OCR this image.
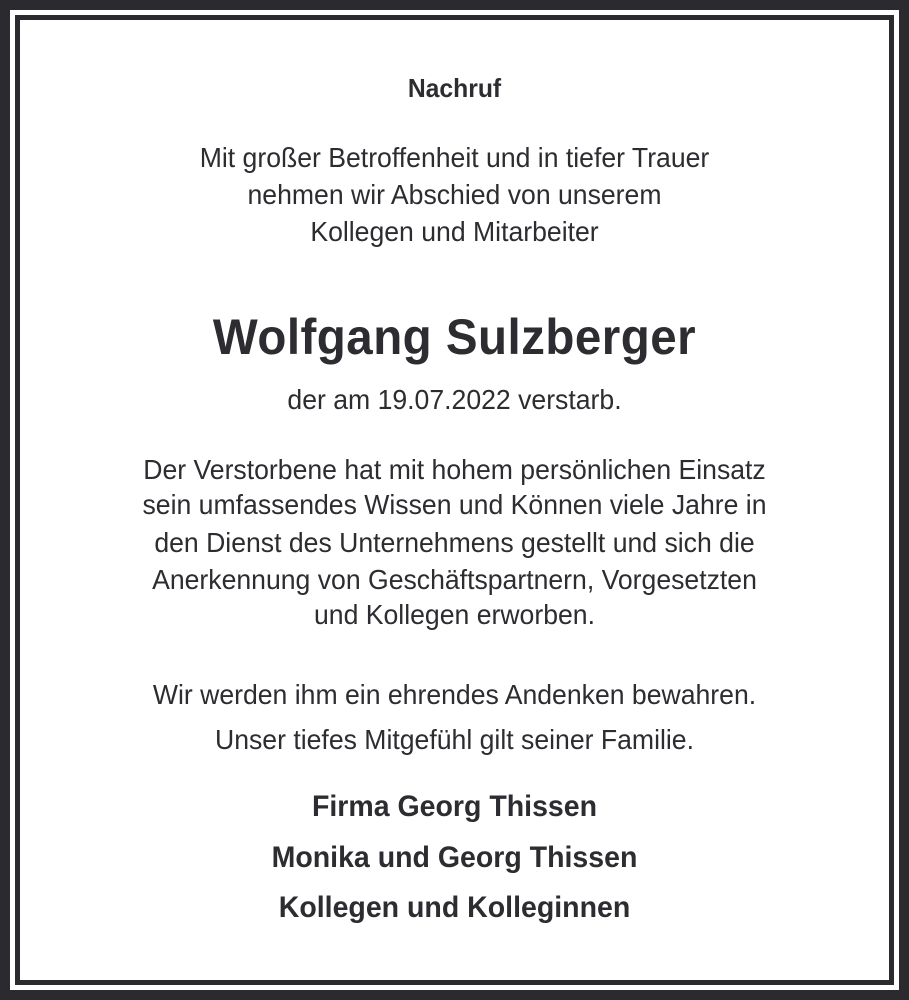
Nachruf
Mit großer Betroffenheit und in tiefer Trauer
nehmen wir Abschied von unserem
Kollegen und Mitarbeiter
Wolfgang Sulzberger
der am 19.07.2022 verstarb.
Der Verstorbene hat mit hohem persönlichen Einsatz
sein umfassendes Wissen und Können viele Jahre in
den Dienst des Unternehmens gestellt und sich die
Anerkennung von Geschäftspartnern, Vorgesetzten
und Kollegen erworben.
Wir werden ihm ein ehrendes Andenken bewahren.
Unser tiefes Mitgefühl gilt seiner Familie.
Firma Georg Thissen
Monika und Georg Thissen
Kollegen und Kolleginnen
